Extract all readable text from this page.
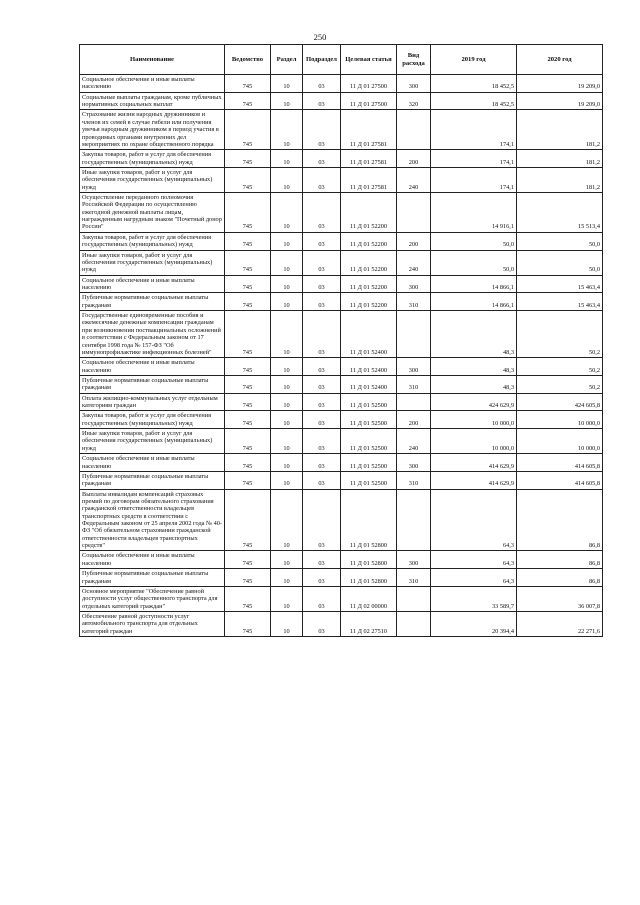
250
Наименование	Ведомство	Раздел	Подраздел	Целевая статья	Вид расхода	2019 год	2020 год

Социальное обеспечение и иные выплаты населению	745	10	03	11 Д 01 27500	300	18 452,5	19 209,0

Социальные выплаты гражданам, кроме публичных нормативных социальных выплат	745	10	03	11 Д 01 27500	320	18 452,5	19 209,0

Страхование жизни народных дружинников и членов их семей в случае гибели или получения увечья народным дружинником в период участия в проводимых органами внутренних дел мероприятиях по охране общественного порядка	745	10	03	11 Д 01 27581		174,1	181,2

Закупка товаров, работ и услуг для обеспечения государственных (муниципальных) нужд	745	10	03	11 Д 01 27581	200	174,1	181,2

Иные закупки товаров, работ и услуг для обеспечения государственных (муниципальных) нужд	745	10	03	11 Д 01 27581	240	174,1	181,2

Осуществление переданного полномочия Российской Федерации по осуществлению ежегодной денежной выплаты лицам, награжденным нагрудным знаком "Почетный донор России"	745	10	03	11 Д 01 52200		14 916,1	15 513,4

Закупка товаров, работ и услуг для обеспечения государственных (муниципальных) нужд	745	10	03	11 Д 01 52200	200	50,0	50,0

Иные закупки товаров, работ и услуг для обеспечения государственных (муниципальных) нужд	745	10	03	11 Д 01 52200	240	50,0	50,0

Социальное обеспечение и иные выплаты населению	745	10	03	11 Д 01 52200	300	14 866,1	15 463,4

Публичные нормативные социальные выплаты гражданам	745	10	03	11 Д 01 52200	310	14 866,1	15 463,4

Государственные единовременные пособия и ежемесячные денежные компенсации гражданам при возникновении поствакцинальных осложнений в соответствии с Федеральным законом от 17 сентября 1998 года № 157-ФЗ "Об иммунопрофилактике инфекционных болезней"	745	10	03	11 Д 01 52400		48,3	50,2

Социальное обеспечение и иные выплаты населению	745	10	03	11 Д 01 52400	300	48,3	50,2

Публичные нормативные социальные выплаты гражданам	745	10	03	11 Д 01 52400	310	48,3	50,2

Оплата жилищно-коммунальных услуг отдельным категориям граждан	745	10	03	11 Д 01 52500		424 629,9	424 605,8

Закупка товаров, работ и услуг для обеспечения государственных (муниципальных) нужд	745	10	03	11 Д 01 52500	200	10 000,0	10 000,0

Иные закупки товаров, работ и услуг для обеспечения государственных (муниципальных) нужд	745	10	03	11 Д 01 52500	240	10 000,0	10 000,0

Социальное обеспечение и иные выплаты населению	745	10	03	11 Д 01 52500	300	414 629,9	414 605,8

Публичные нормативные социальные выплаты гражданам	745	10	03	11 Д 01 52500	310	414 629,9	414 605,8

Выплаты инвалидам компенсаций страховых премий по договорам обязательного страхования гражданской ответственности владельцев транспортных средств в соответствии с Федеральным законом от 25 апреля 2002 года № 40-ФЗ "Об обязательном страховании гражданской ответственности владельцев транспортных средств"	745	10	03	11 Д 01 52800		64,3	86,8

Социальное обеспечение и иные выплаты населению	745	10	03	11 Д 01 52800	300	64,3	86,8

Публичные нормативные социальные выплаты гражданам	745	10	03	11 Д 01 52800	310	64,3	86,8

Основное мероприятие "Обеспечение равной доступности услуг общественного транспорта для отдельных категорий граждан"	745	10	03	11 Д 02 00000		33 589,7	36 007,8

Обеспечение равной доступности услуг автомобильного транспорта для отдельных категорий граждан	745	10	03	11 Д 02 27510		20 394,4	22 271,6
